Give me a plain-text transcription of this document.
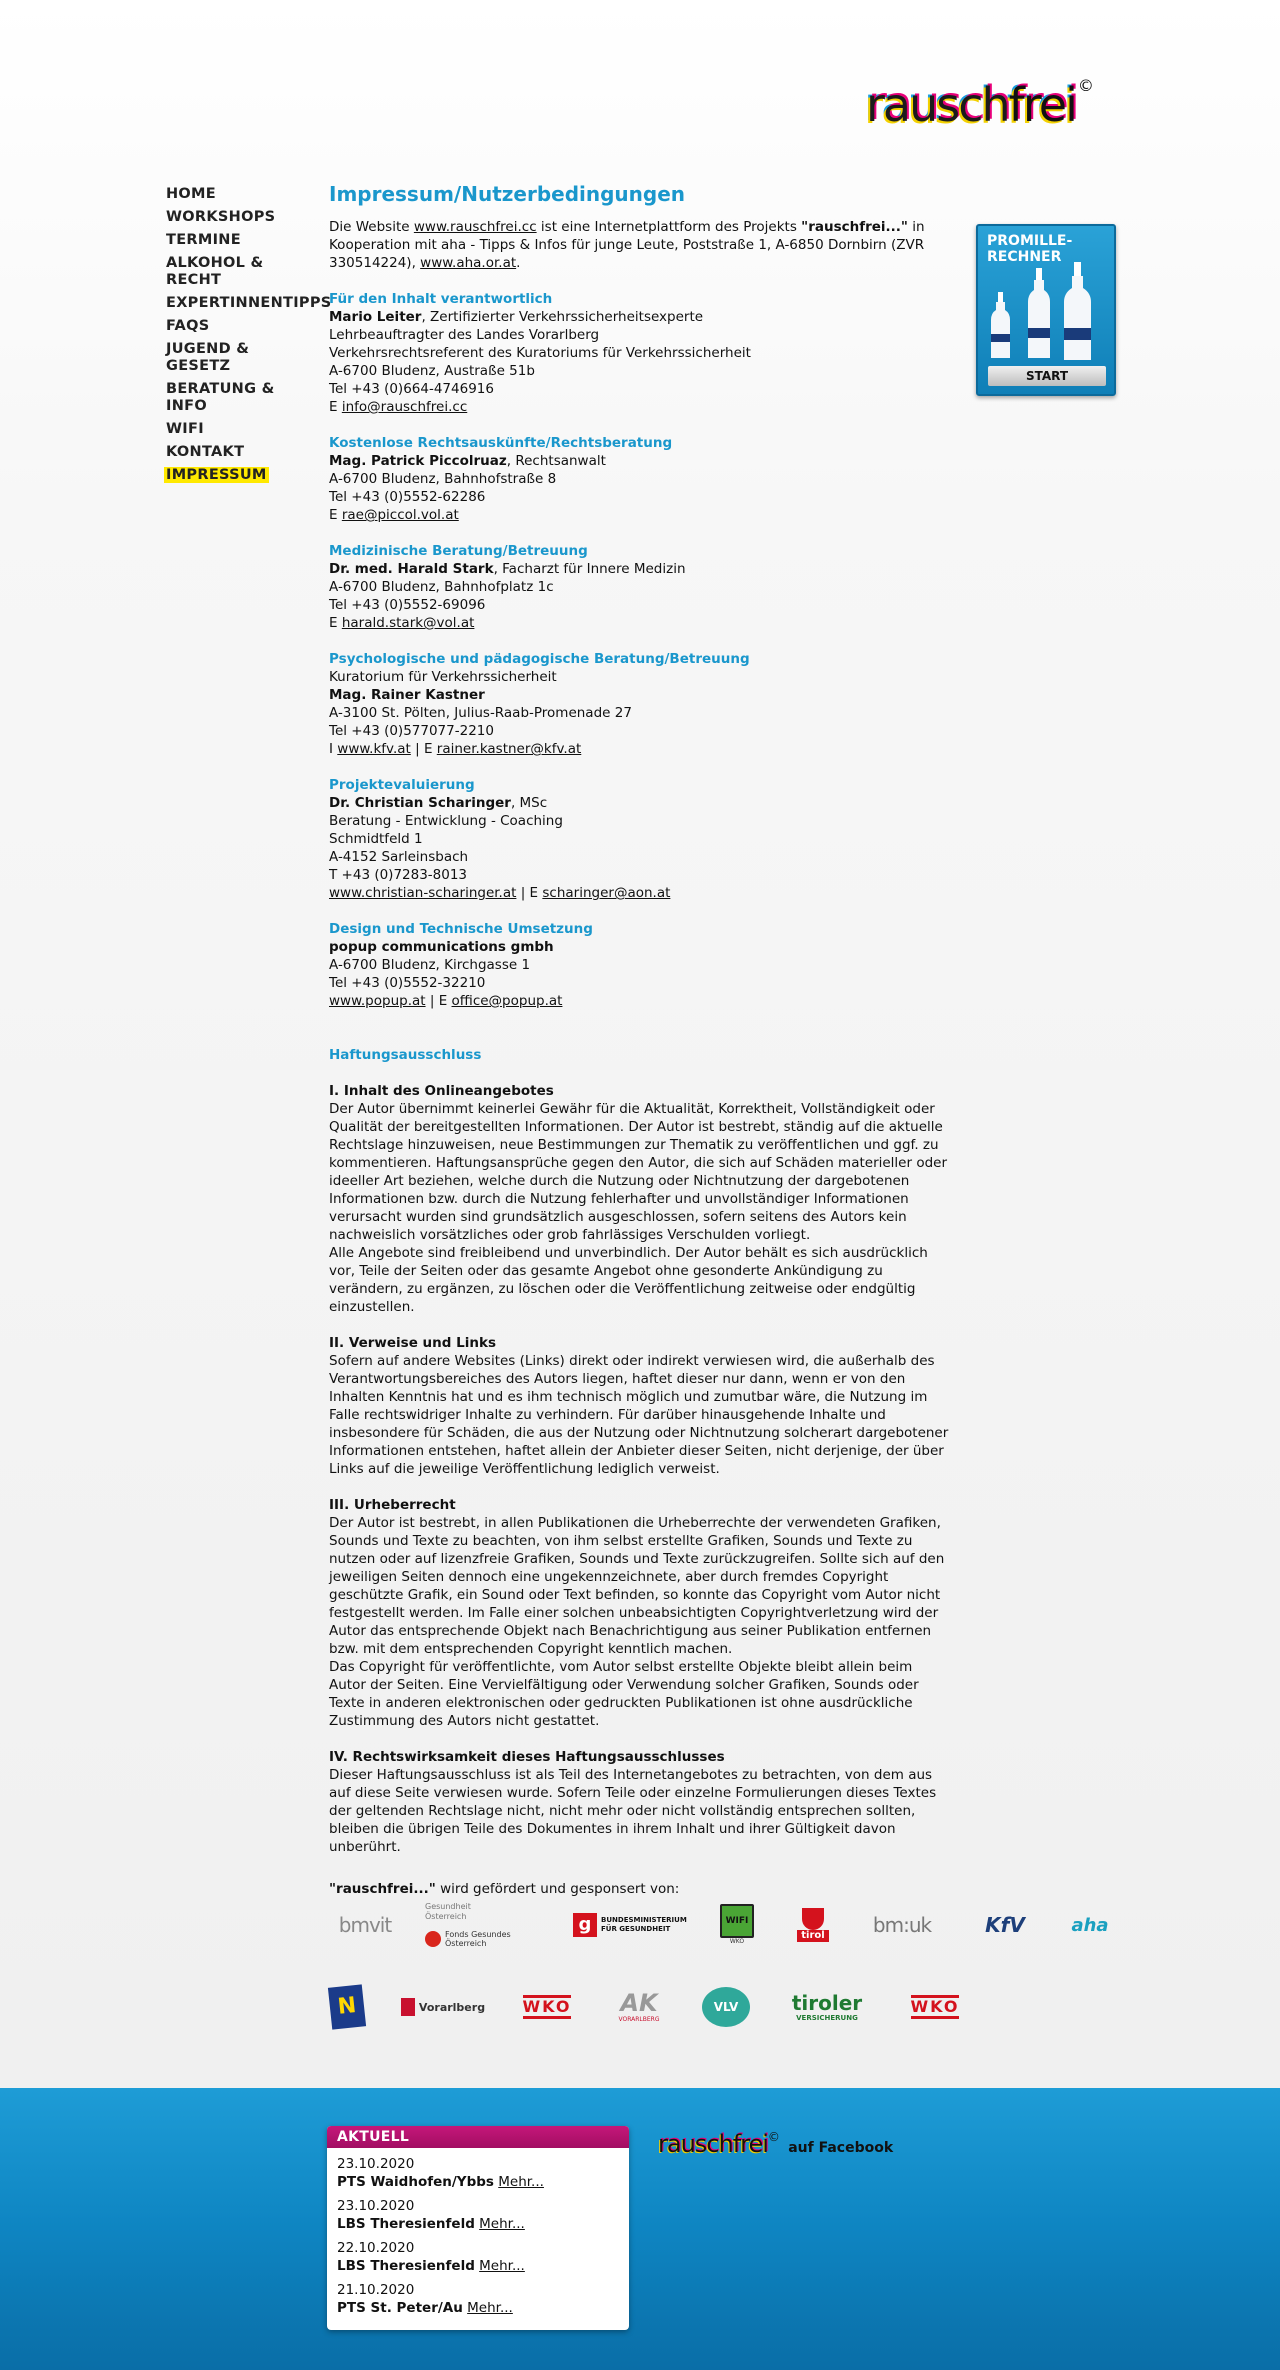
rauschfrei ©
HOME
WORKSHOPS
TERMINE
ALKOHOL & RECHT
EXPERTINNENTIPPS
FAQS
JUGEND & GESETZ
BERATUNG & INFO
WIFI
KONTAKT
IMPRESSUM
Impressum/Nutzerbedingungen

Die Website www.rauschfrei.cc ist eine Internetplattform des Projekts "rauschfrei..." in Kooperation mit aha - Tipps & Infos für junge Leute, Poststraße 1, A-6850 Dornbirn (ZVR 330514224), www.aha.or.at.

Für den Inhalt verantwortlich

Mario Leiter, Zertifizierter Verkehrssicherheitsexperte

Lehrbeauftragter des Landes Vorarlberg

Verkehrsrechtsreferent des Kuratoriums für Verkehrssicherheit

A-6700 Bludenz, Austraße 51b

Tel +43 (0)664-4746916

E info@rauschfrei.cc

Kostenlose Rechtsauskünfte/Rechtsberatung

Mag. Patrick Piccolruaz, Rechtsanwalt

A-6700 Bludenz, Bahnhofstraße 8

Tel +43 (0)5552-62286

E rae@piccol.vol.at

Medizinische Beratung/Betreuung

Dr. med. Harald Stark, Facharzt für Innere Medizin

A-6700 Bludenz, Bahnhofplatz 1c

Tel +43 (0)5552-69096

E harald.stark@vol.at

Psychologische und pädagogische Beratung/Betreuung

Kuratorium für Verkehrssicherheit

Mag. Rainer Kastner

A-3100 St. Pölten, Julius-Raab-Promenade 27

Tel +43 (0)577077-2210

I www.kfv.at | E rainer.kastner@kfv.at

Projektevaluierung

Dr. Christian Scharinger, MSc

Beratung - Entwicklung - Coaching

Schmidtfeld 1

A-4152 Sarleinsbach

T +43 (0)7283-8013

www.christian-scharinger.at | E scharinger@aon.at

Design und Technische Umsetzung

popup communications gmbh

A-6700 Bludenz, Kirchgasse 1

Tel +43 (0)5552-32210

www.popup.at | E office@popup.at

Haftungsausschluss
I. Inhalt des Onlineangebotes

Der Autor übernimmt keinerlei Gewähr für die Aktualität, Korrektheit, Vollständigkeit oder Qualität der bereitgestellten Informationen. Der Autor ist bestrebt, ständig auf die aktuelle Rechtslage hinzuweisen, neue Bestimmungen zur Thematik zu veröffentlichen und ggf. zu kommentieren. Haftungsansprüche gegen den Autor, die sich auf Schäden materieller oder ideeller Art beziehen, welche durch die Nutzung oder Nichtnutzung der dargebotenen Informationen bzw. durch die Nutzung fehlerhafter und unvollständiger Informationen verursacht wurden sind grundsätzlich ausgeschlossen, sofern seitens des Autors kein nachweislich vorsätzliches oder grob fahrlässiges Verschulden vorliegt.

Alle Angebote sind freibleibend und unverbindlich. Der Autor behält es sich ausdrücklich vor, Teile der Seiten oder das gesamte Angebot ohne gesonderte Ankündigung zu verändern, zu ergänzen, zu löschen oder die Veröffentlichung zeitweise oder endgültig einzustellen.

II. Verweise und Links

Sofern auf andere Websites (Links) direkt oder indirekt verwiesen wird, die außerhalb des Verantwortungsbereiches des Autors liegen, haftet dieser nur dann, wenn er von den Inhalten Kenntnis hat und es ihm technisch möglich und zumutbar wäre, die Nutzung im Falle rechtswidriger Inhalte zu verhindern. Für darüber hinausgehende Inhalte und insbesondere für Schäden, die aus der Nutzung oder Nichtnutzung solcherart dargebotener Informationen entstehen, haftet allein der Anbieter dieser Seiten, nicht derjenige, der über Links auf die jeweilige Veröffentlichung lediglich verweist.

III. Urheberrecht

Der Autor ist bestrebt, in allen Publikationen die Urheberrechte der verwendeten Grafiken, Sounds und Texte zu beachten, von ihm selbst erstellte Grafiken, Sounds und Texte zu nutzen oder auf lizenzfreie Grafiken, Sounds und Texte zurückzugreifen. Sollte sich auf den jeweiligen Seiten dennoch eine ungekennzeichnete, aber durch fremdes Copyright geschützte Grafik, ein Sound oder Text befinden, so konnte das Copyright vom Autor nicht festgestellt werden. Im Falle einer solchen unbeabsichtigten Copyrightverletzung wird der Autor das entsprechende Objekt nach Benachrichtigung aus seiner Publikation entfernen bzw. mit dem entsprechenden Copyright kenntlich machen.

Das Copyright für veröffentlichte, vom Autor selbst erstellte Objekte bleibt allein beim Autor der Seiten. Eine Vervielfältigung oder Verwendung solcher Grafiken, Sounds oder Texte in anderen elektronischen oder gedruckten Publikationen ist ohne ausdrückliche Zustimmung des Autors nicht gestattet.

IV. Rechtswirksamkeit dieses Haftungsausschlusses

Dieser Haftungsausschluss ist als Teil des Internetangebotes zu betrachten, von dem aus auf diese Seite verwiesen wurde. Sofern Teile oder einzelne Formulierungen dieses Textes der geltenden Rechtslage nicht, nicht mehr oder nicht vollständig entsprechen sollten, bleiben die übrigen Teile des Dokumentes in ihrem Inhalt und ihrer Gültigkeit davon unberührt.

"rauschfrei..." wird gefördert und gesponsert von:

bmvit
Gesundheit Österreich
Fonds Gesundes Österreich
g	BUNDESMINISTERIUM FÜR GESUNDHEIT
WIFI
WKO
tirol bm:uk	KfV	aha
N	Vorarlberg WKO AK
VORARLBERG
VLV	tiroler
VERSICHERUNG
WKO
PROMILLE-RECHNER
START
AKTUELL
23.10.2020
PTS Waidhofen/Ybbs Mehr...
23.10.2020
LBS Theresienfeld Mehr...
22.10.2020
LBS Theresienfeld Mehr...
21.10.2020
PTS St. Peter/Au Mehr...
rauschfrei© auf Facebook
